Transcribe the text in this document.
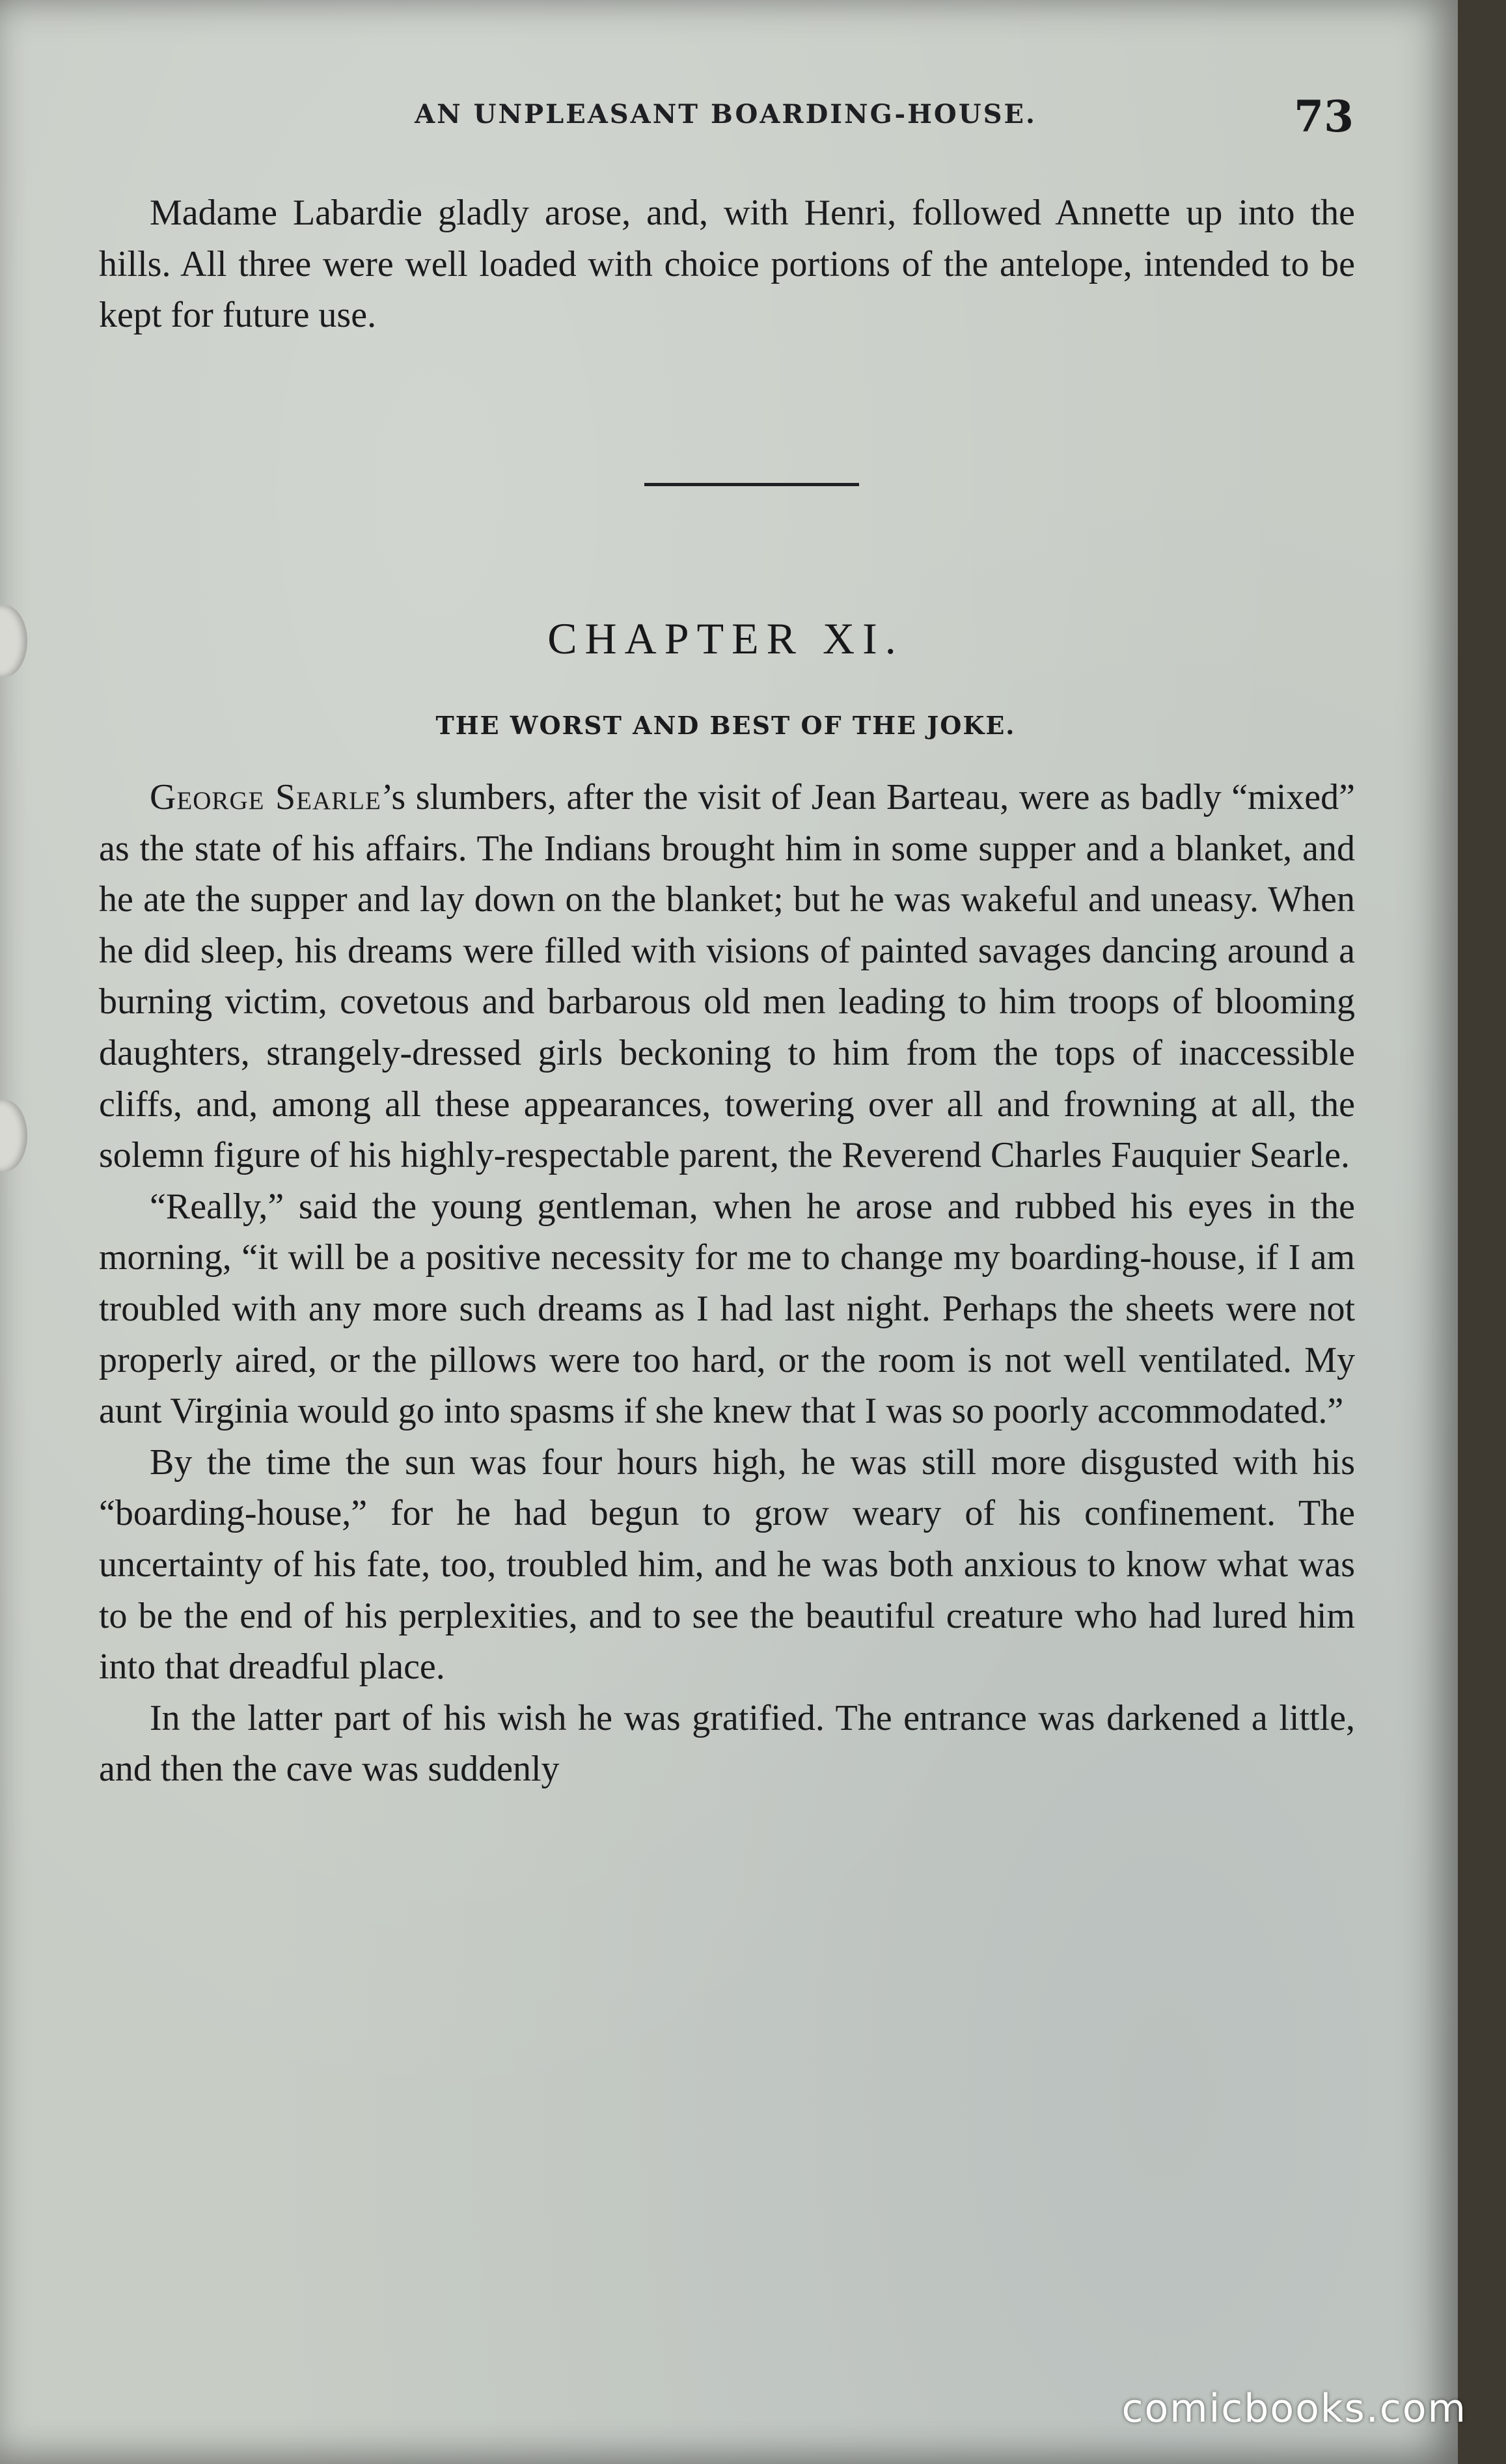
AN UNPLEASANT BOARDING-HOUSE.	73

Madame Labardie gladly arose, and, with Henri, followed Annette up into the hills. All three were well loaded with choice portions of the antelope, intended to be kept for future use.

CHAPTER XI.
THE WORST AND BEST OF THE JOKE.

George Searle’s slumbers, after the visit of Jean Barteau, were as badly “mixed” as the state of his affairs. The Indians brought him in some supper and a blanket, and he ate the supper and lay down on the blanket; but he was wakeful and uneasy. When he did sleep, his dreams were filled with visions of painted savages dancing around a burning victim, covetous and barbarous old men leading to him troops of blooming daughters, strangely-dressed girls beckoning to him from the tops of inaccessible cliffs, and, among all these appearances, towering over all and frowning at all, the solemn figure of his highly-respectable parent, the Reverend Charles Fauquier Searle.

“Really,” said the young gentleman, when he arose and rubbed his eyes in the morning, “it will be a positive necessity for me to change my boarding-house, if I am troubled with any more such dreams as I had last night. Perhaps the sheets were not properly aired, or the pillows were too hard, or the room is not well ventilated. My aunt Virginia would go into spasms if she knew that I was so poorly accommodated.”

By the time the sun was four hours high, he was still more disgusted with his “boarding-house,” for he had begun to grow weary of his confinement. The uncertainty of his fate, too, troubled him, and he was both anxious to know what was to be the end of his perplexities, and to see the beautiful creature who had lured him into that dreadful place.

In the latter part of his wish he was gratified. The entrance was darkened a little, and then the cave was suddenly

comicbooks.com
